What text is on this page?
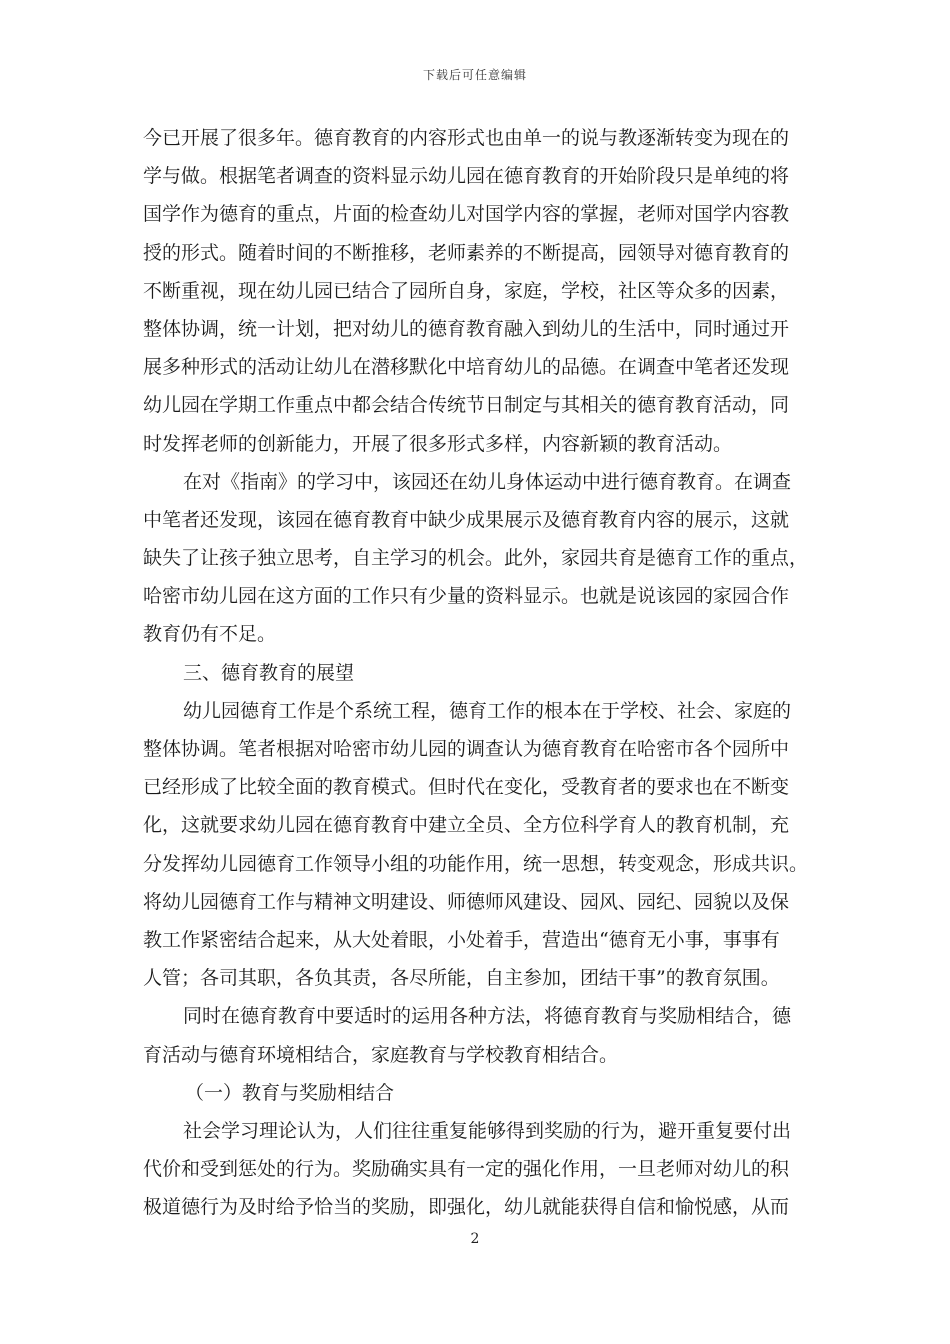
下载后可任意编辑
今已开展了很多年。德育教育的内容形式也由单一的说与教逐渐转变为现在的
学与做。根据笔者调查的资料显示幼儿园在德育教育的开始阶段只是单纯的将
国学作为德育的重点，片面的检查幼儿对国学内容的掌握，老师对国学内容教
授的形式。随着时间的不断推移，老师素养的不断提高，园领导对德育教育的
不断重视，现在幼儿园已结合了园所自身，家庭，学校，社区等众多的因素，
整体协调，统一计划，把对幼儿的德育教育融入到幼儿的生活中，同时通过开
展多种形式的活动让幼儿在潜移默化中培育幼儿的品德。在调查中笔者还发现
幼儿园在学期工作重点中都会结合传统节日制定与其相关的德育教育活动，同
时发挥老师的创新能力，开展了很多形式多样，内容新颖的教育活动。
在对《指南》的学习中，该园还在幼儿身体运动中进行德育教育。在调查
中笔者还发现，该园在德育教育中缺少成果展示及德育教育内容的展示，这就
缺失了让孩子独立思考，自主学习的机会。此外，家园共育是德育工作的重点，
哈密市幼儿园在这方面的工作只有少量的资料显示。也就是说该园的家园合作
教育仍有不足。
三、德育教育的展望
幼儿园德育工作是个系统工程，德育工作的根本在于学校、社会、家庭的
整体协调。笔者根据对哈密市幼儿园的调查认为德育教育在哈密市各个园所中
已经形成了比较全面的教育模式。但时代在变化，受教育者的要求也在不断变
化，这就要求幼儿园在德育教育中建立全员、全方位科学育人的教育机制，充
分发挥幼儿园德育工作领导小组的功能作用，统一思想，转变观念，形成共识。
将幼儿园德育工作与精神文明建设、师德师风建设、园风、园纪、园貌以及保
教工作紧密结合起来，从大处着眼，小处着手，营造出“德育无小事，事事有
人管；各司其职，各负其责，各尽所能，自主参加，团结干事”的教育氛围。
同时在德育教育中要适时的运用各种方法，将德育教育与奖励相结合，德
育活动与德育环境相结合，家庭教育与学校教育相结合。
（一）教育与奖励相结合
社会学习理论认为，人们往往重复能够得到奖励的行为，避开重复要付出
代价和受到惩处的行为。奖励确实具有一定的强化作用，一旦老师对幼儿的积
极道德行为及时给予恰当的奖励，即强化，幼儿就能获得自信和愉悦感，从而
2
